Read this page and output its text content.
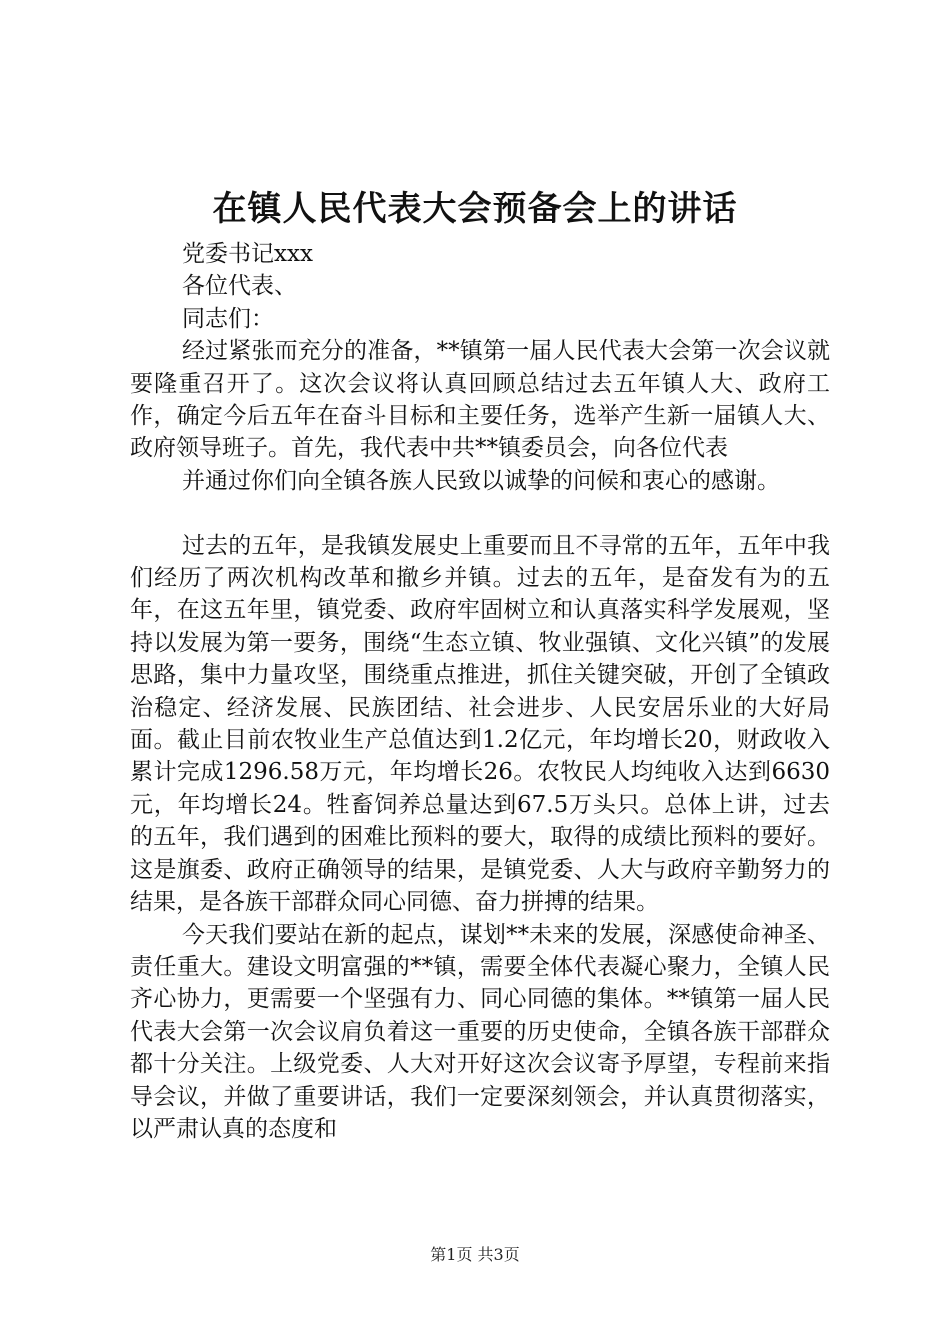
在镇人民代表大会预备会上的讲话

党委书记xxx

各位代表、

同志们：

经过紧张而充分的准备，**镇第一届人民代表大会第一次会议就要隆重召开了。这次会议将认真回顾总结过去五年镇人大、政府工作，确定今后五年在奋斗目标和主要任务，选举产生新一届镇人大、政府领导班子。首先，我代表中共**镇委员会，向各位代表

并通过你们向全镇各族人民致以诚挚的问候和衷心的感谢。

过去的五年，是我镇发展史上重要而且不寻常的五年，五年中我们经历了两次机构改革和撤乡并镇。过去的五年，是奋发有为的五年，在这五年里，镇党委、政府牢固树立和认真落实科学发展观，坚持以发展为第一要务，围绕“生态立镇、牧业强镇、文化兴镇”的发展思路，集中力量攻坚，围绕重点推进，抓住关键突破，开创了全镇政治稳定、经济发展、民族团结、社会进步、人民安居乐业的大好局面。截止目前农牧业生产总值达到1.2亿元，年均增长20，财政收入累计完成1296.58万元，年均增长26。农牧民人均纯收入达到6630元，年均增长24。牲畜饲养总量达到67.5万头只。总体上讲，过去的五年，我们遇到的困难比预料的要大，取得的成绩比预料的要好。这是旗委、政府正确领导的结果，是镇党委、人大与政府辛勤努力的结果，是各族干部群众同心同德、奋力拼搏的结果。

今天我们要站在新的起点，谋划**未来的发展，深感使命神圣、责任重大。建设文明富强的**镇，需要全体代表凝心聚力，全镇人民齐心协力，更需要一个坚强有力、同心同德的集体。**镇第一届人民代表大会第一次会议肩负着这一重要的历史使命，全镇各族干部群众都十分关注。上级党委、人大对开好这次会议寄予厚望，专程前来指导会议，并做了重要讲话，我们一定要深刻领会，并认真贯彻落实，以严肃认真的态度和

第1页 共3页
